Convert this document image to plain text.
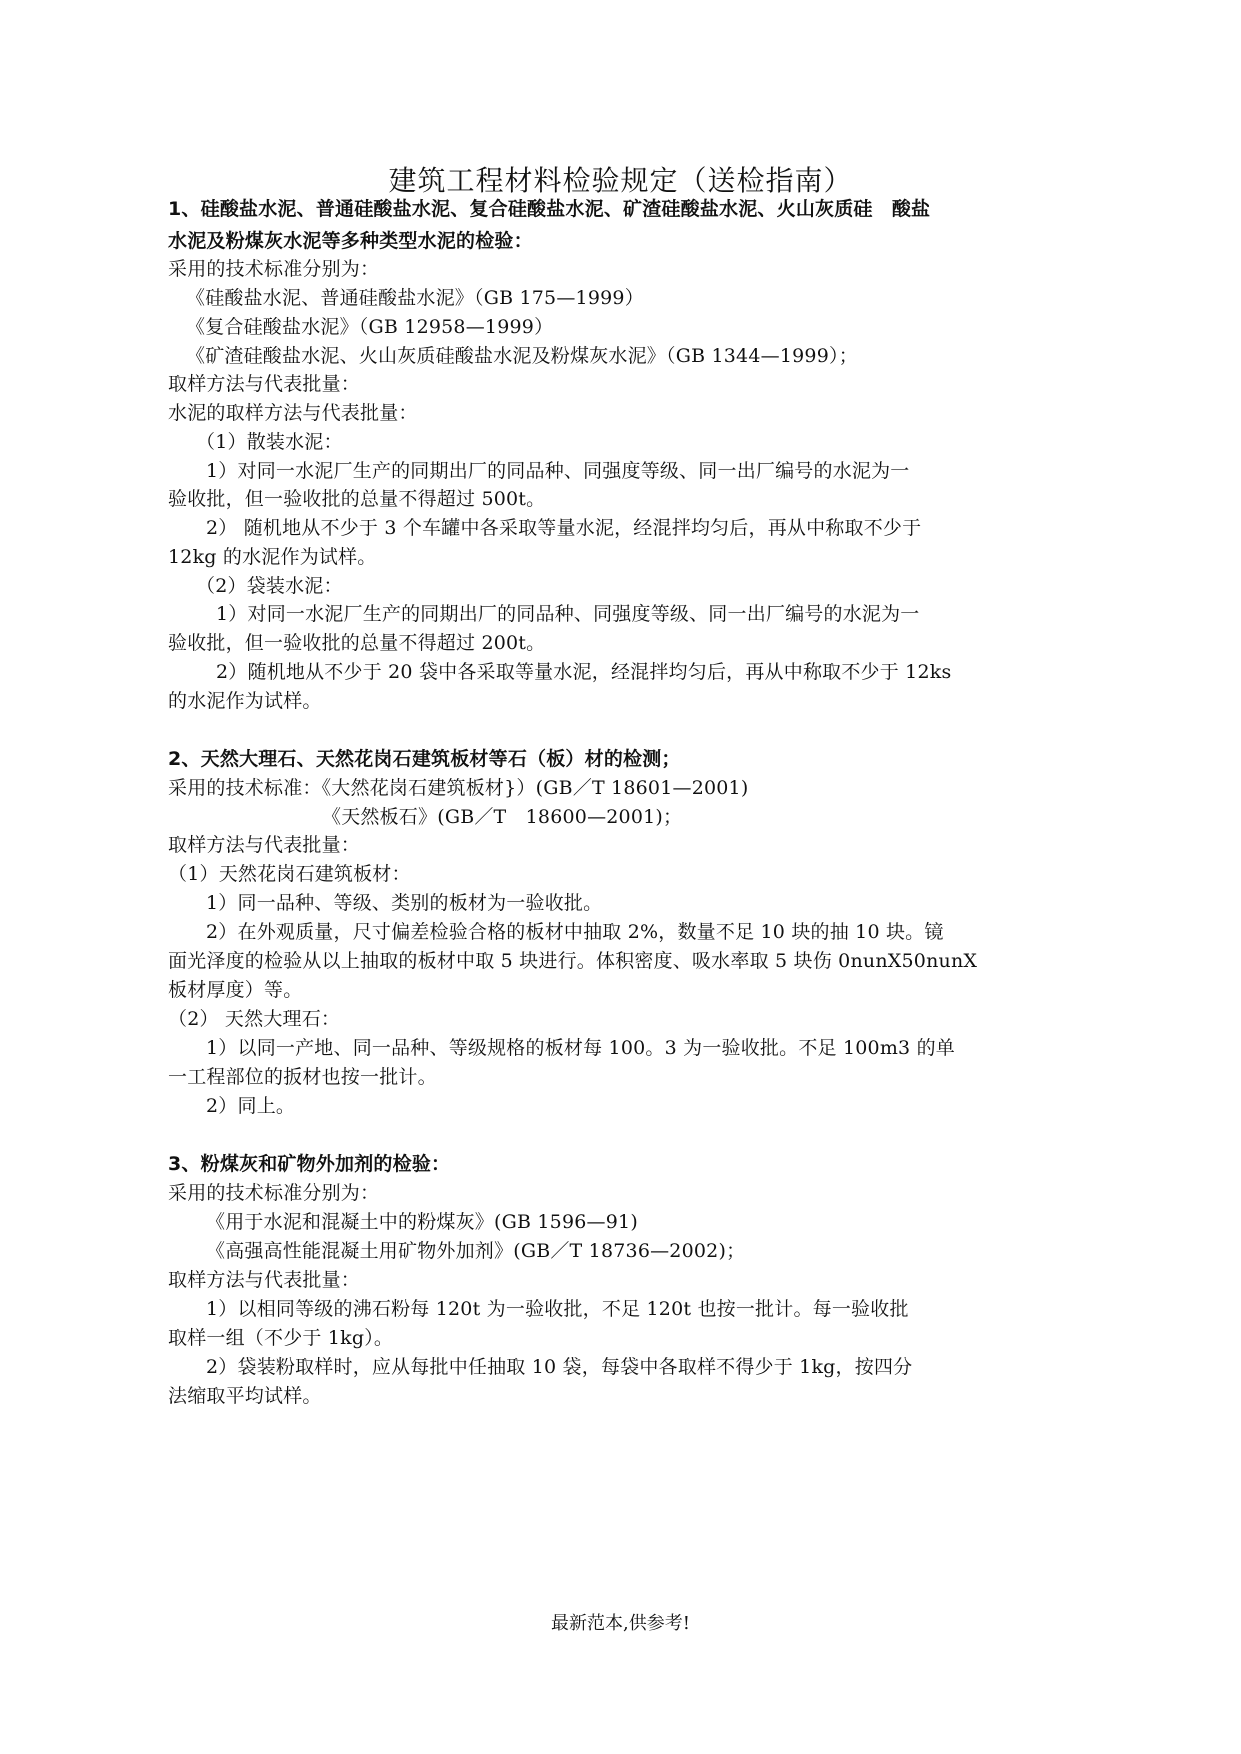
建筑工程材料检验规定（送检指南）
1、硅酸盐水泥、普通硅酸盐水泥、复合硅酸盐水泥、矿渣硅酸盐水泥、火山灰质硅　酸盐
水泥及粉煤灰水泥等多种类型水泥的检验：
采用的技术标准分别为：
《硅酸盐水泥、普通硅酸盐水泥》（GB 175—1999）
《复合硅酸盐水泥》（GB 12958—1999）
《矿渣硅酸盐水泥、火山灰质硅酸盐水泥及粉煤灰水泥》（GB 1344—1999）；
取样方法与代表批量：
水泥的取样方法与代表批量：
（1）散装水泥：
1）对同一水泥厂生产的同期出厂的同品种、同强度等级、同一出厂编号的水泥为一
验收批，但一验收批的总量不得超过 500t。
2） 随机地从不少于 3 个车罐中各采取等量水泥，经混拌均匀后，再从中称取不少于
12kg 的水泥作为试样。
（2）袋装水泥：
1）对同一水泥厂生产的同期出厂的同品种、同强度等级、同一出厂编号的水泥为一
验收批，但一验收批的总量不得超过 200t。
2）随机地从不少于 20 袋中各采取等量水泥，经混拌均匀后，再从中称取不少于 12ks
的水泥作为试样。
2、天然大理石、天然花岗石建筑板材等石（板）材的检测；
采用的技术标准：《大然花岗石建筑板材}）(GB／T 18601—2001)
《天然板石》(GB／T　18600—2001)；
取样方法与代表批量：
（1）天然花岗石建筑板材：
1）同一品种、等级、类别的板材为一验收批。
2）在外观质量，尺寸偏差检验合格的板材中抽取 2%，数量不足 10 块的抽 10 块。镜
面光泽度的检验从以上抽取的板材中取 5 块进行。体积密度、吸水率取 5 块伤 0nunX50nunX
板材厚度）等。
（2） 天然大理石：
1）以同一产地、同一品种、等级规格的板材每 100。3 为一验收批。不足 100m3 的单
一工程部位的扳材也按一批计。
2）同上。
3、粉煤灰和矿物外加剂的检验：
采用的技术标准分别为：
《用于水泥和混凝土中的粉煤灰》(GB 1596—91)
《高强高性能混凝土用矿物外加剂》(GB／T 18736—2002)；
取样方法与代表批量：
1）以相同等级的沸石粉每 120t 为一验收批，不足 120t 也按一批计。每一验收批
取样一组（不少于 1kg）。
2）袋装粉取样时，应从每批中任抽取 10 袋，每袋中各取样不得少于 1kg，按四分
法缩取平均试样。
最新范本,供参考!
